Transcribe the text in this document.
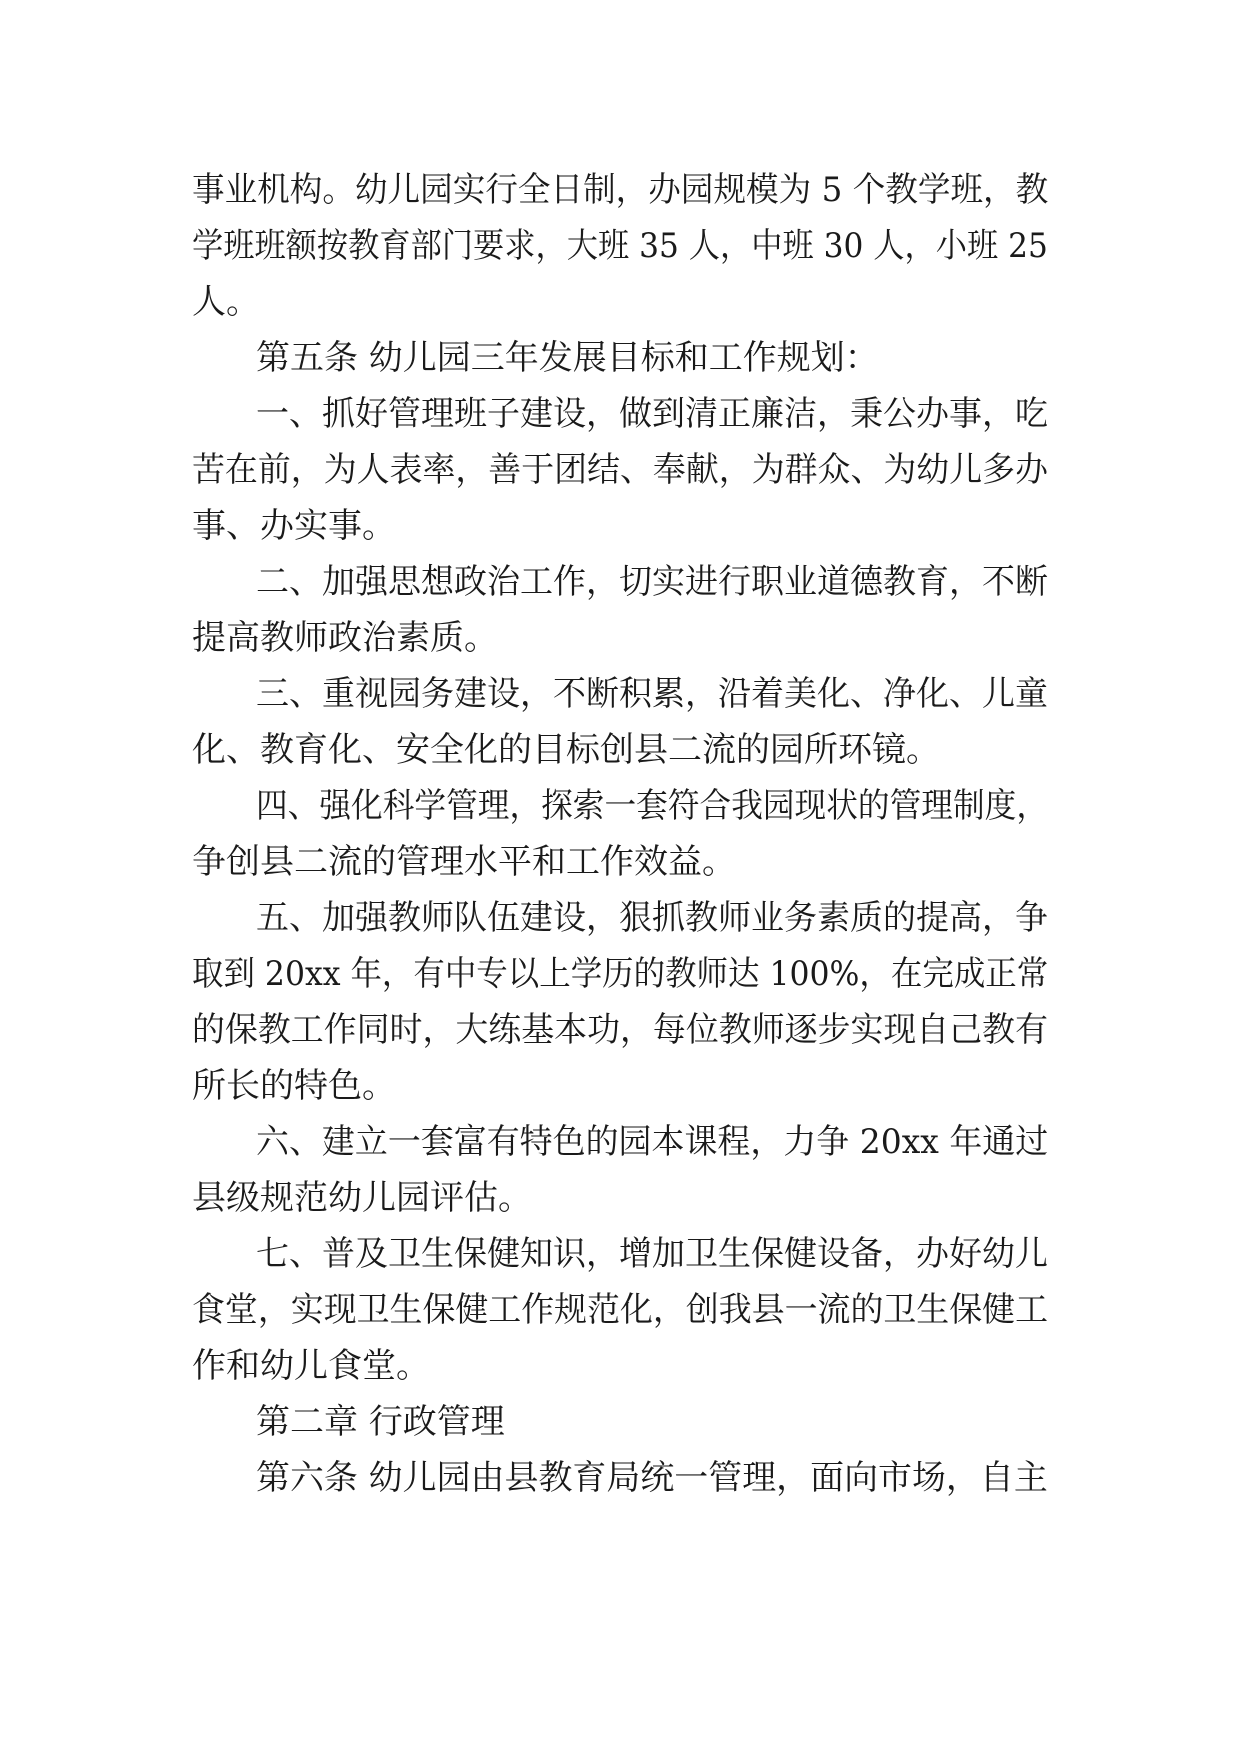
事业机构。幼儿园实行全日制，办园规模为 5 个教学班，教
学班班额按教育部门要求，大班 35 人，中班 30 人，小班 25
人。
第五条 幼儿园三年发展目标和工作规划：
一、抓好管理班子建设，做到清正廉洁，秉公办事，吃
苦在前，为人表率，善于团结、奉献，为群众、为幼儿多办
事、办实事。
二、加强思想政治工作，切实进行职业道德教育，不断
提高教师政治素质。
三、重视园务建设，不断积累，沿着美化、净化、儿童
化、教育化、安全化的目标创县二流的园所环镜。
四、强化科学管理，探索一套符合我园现状的管理制度，
争创县二流的管理水平和工作效益。
五、加强教师队伍建设，狠抓教师业务素质的提高，争
取到 20xx 年，有中专以上学历的教师达 100%，在完成正常
的保教工作同时，大练基本功，每位教师逐步实现自己教有
所长的特色。
六、建立一套富有特色的园本课程，力争 20xx 年通过
县级规范幼儿园评估。
七、普及卫生保健知识，增加卫生保健设备，办好幼儿
食堂，实现卫生保健工作规范化，创我县一流的卫生保健工
作和幼儿食堂。
第二章 行政管理
第六条 幼儿园由县教育局统一管理，面向市场，自主
